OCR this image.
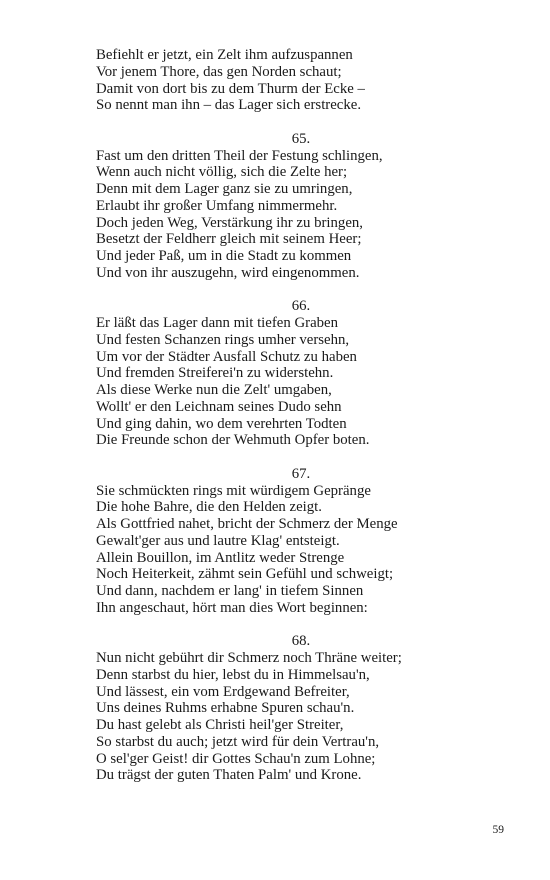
Befiehlt er jetzt, ein Zelt ihm aufzuspannen
Vor jenem Thore, das gen Norden schaut;
Damit von dort bis zu dem Thurm der Ecke –
So nennt man ihn – das Lager sich erstrecke.
65.
Fast um den dritten Theil der Festung schlingen,
Wenn auch nicht völlig, sich die Zelte her;
Denn mit dem Lager ganz sie zu umringen,
Erlaubt ihr großer Umfang nimmermehr.
Doch jeden Weg, Verstärkung ihr zu bringen,
Besetzt der Feldherr gleich mit seinem Heer;
Und jeder Paß, um in die Stadt zu kommen
Und von ihr auszugehn, wird eingenommen.
66.
Er läßt das Lager dann mit tiefen Graben
Und festen Schanzen rings umher versehn,
Um vor der Städter Ausfall Schutz zu haben
Und fremden Streiferei'n zu widerstehn.
Als diese Werke nun die Zelt' umgaben,
Wollt' er den Leichnam seines Dudo sehn
Und ging dahin, wo dem verehrten Todten
Die Freunde schon der Wehmuth Opfer boten.
67.
Sie schmückten rings mit würdigem Gepränge
Die hohe Bahre, die den Helden zeigt.
Als Gottfried nahet, bricht der Schmerz der Menge
Gewalt'ger aus und lautre Klag' entsteigt.
Allein Bouillon, im Antlitz weder Strenge
Noch Heiterkeit, zähmt sein Gefühl und schweigt;
Und dann, nachdem er lang' in tiefem Sinnen
Ihn angeschaut, hört man dies Wort beginnen:
68.
Nun nicht gebührt dir Schmerz noch Thräne weiter;
Denn starbst du hier, lebst du in Himmelsau'n,
Und lässest, ein vom Erdgewand Befreiter,
Uns deines Ruhms erhabne Spuren schau'n.
Du hast gelebt als Christi heil'ger Streiter,
So starbst du auch; jetzt wird für dein Vertrau'n,
O sel'ger Geist! dir Gottes Schau'n zum Lohne;
Du trägst der guten Thaten Palm' und Krone.
59
